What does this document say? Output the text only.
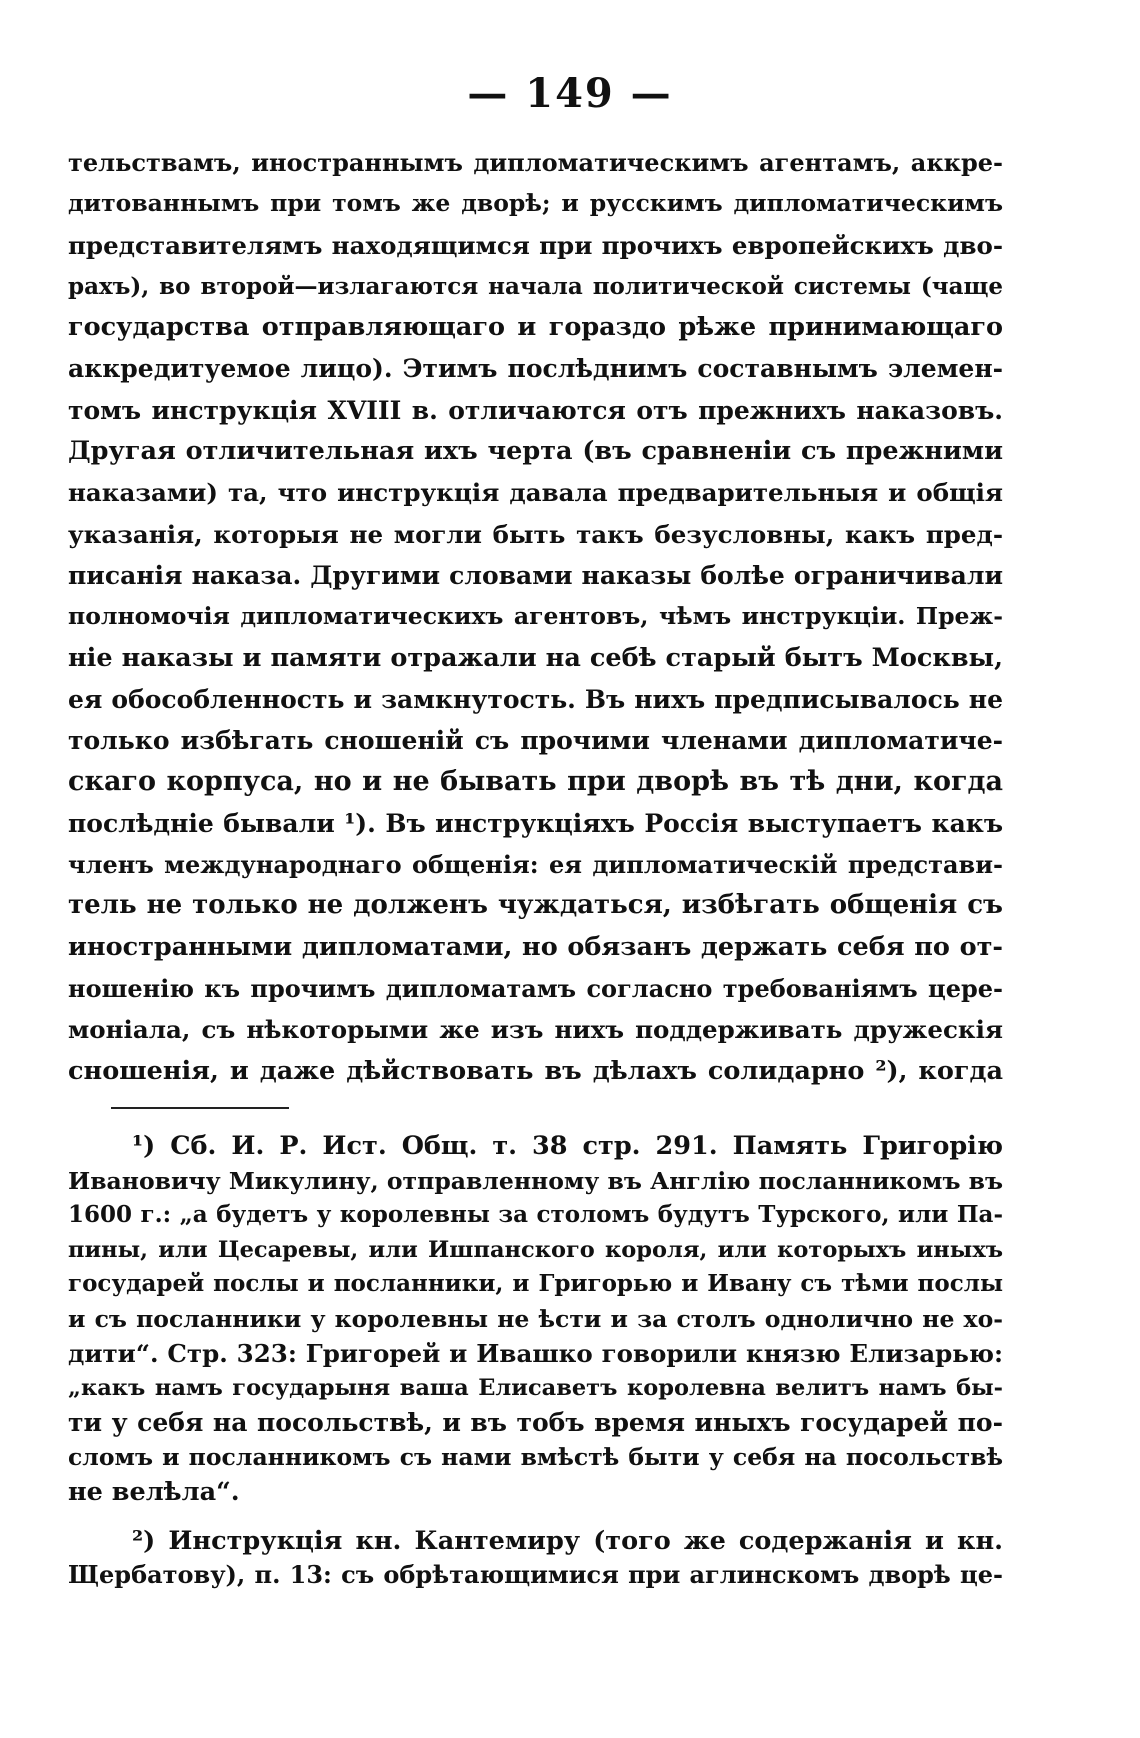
— 149 —
тельствамъ, иностраннымъ дипломатическимъ агентамъ, аккре-
дитованнымъ при томъ же дворѣ; и русскимъ дипломатическимъ
представителямъ находящимся при прочихъ европейскихъ дво-
рахъ), во второй—излагаются начала политической системы (чаще
государства отправляющаго и гораздо рѣже принимающаго
аккредитуемое лицо). Этимъ послѣднимъ составнымъ элемен-
томъ инструкція XVIII в. отличаются отъ прежнихъ наказовъ.
Другая отличительная ихъ черта (въ сравненіи съ прежними
наказами) та, что инструкція давала предварительныя и общія
указанія, которыя не могли быть такъ безусловны, какъ пред-
писанія наказа. Другими словами наказы болѣе ограничивали
полномочія дипломатическихъ агентовъ, чѣмъ инструкціи. Преж-
ніе наказы и памяти отражали на себѣ старый бытъ Москвы,
ея обособленность и замкнутость. Въ нихъ предписывалось не
только избѣгать сношеній съ прочими членами дипломатиче-
скаго корпуса, но и не бывать при дворѣ въ тѣ дни, когда
послѣдніе бывали ¹). Въ инструкціяхъ Россія выступаетъ какъ
членъ международнаго общенія: ея дипломатическій представи-
тель не только не долженъ чуждаться, избѣгать общенія съ
иностранными дипломатами, но обязанъ держать себя по от-
ношенію къ прочимъ дипломатамъ согласно требованіямъ цере-
моніала, съ нѣкоторыми же изъ нихъ поддерживать дружескія
сношенія, и даже дѣйствовать въ дѣлахъ солидарно ²), когда
¹) Сб. И. Р. Ист. Общ. т. 38 стр. 291. Память Григорію
Ивановичу Микулину, отправленному въ Англію посланникомъ въ
1600 г.: „а будетъ у королевны за столомъ будутъ Турского, или Па-
пины, или Цесаревы, или Ишпанского короля, или которыхъ иныхъ
государей послы и посланники, и Григорью и Ивану съ тѣми послы
и съ посланники у королевны не ѣсти и за столъ однолично не хо-
дити“. Стр. 323: Григорей и Ивашко говорили князю Елизарью:
„какъ намъ государыня ваша Елисаветъ королевна велитъ намъ бы-
ти у себя на посольствѣ, и въ тобъ время иныхъ государей по-
сломъ и посланникомъ съ нами вмѣстѣ быти у себя на посольствѣ
не велѣла“.
²) Инструкція кн. Кантемиру (того же содержанія и кн.
Щербатову), п. 13: съ обрѣтающимися при аглинскомъ дворѣ це-
